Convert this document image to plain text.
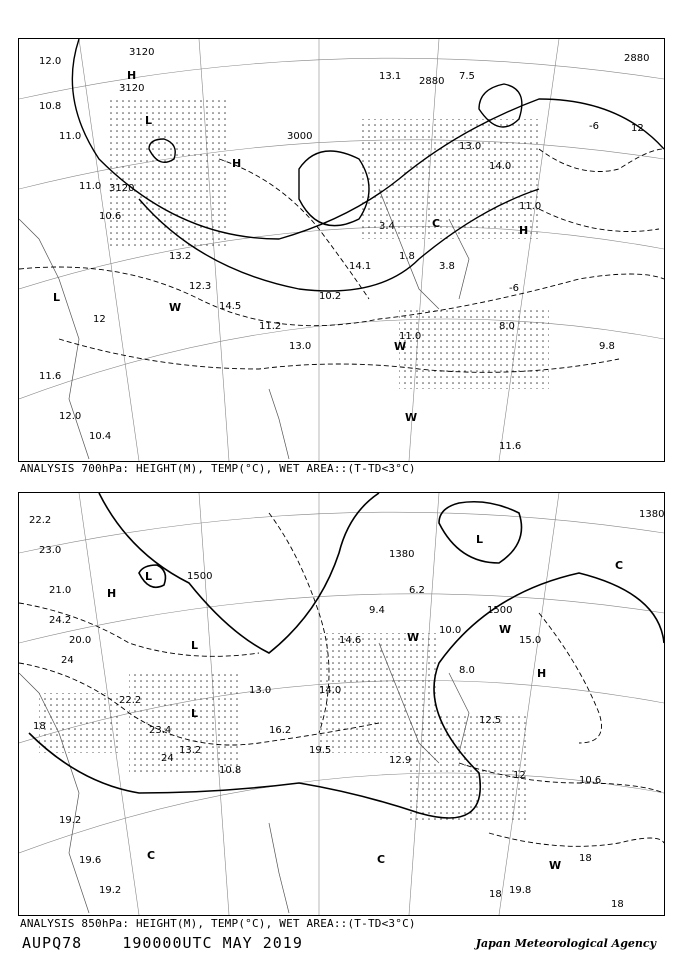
12.0
10.8
11.0
11.0
10.6
13.2
12.3
14.5
11.2
13.0
10.2
14.1
3.4
1.8
3.8
13.0
14.0
11.0
8.0
9.8
11.6
11.6
12.0
10.4
11.0
13.1	7.5
3120
3120
3120
3000
2880
2880
12
12
-6
-6
H
H
H
L
L
C
W
W
W
ANALYSIS 700hPa: HEIGHT(M), TEMP(°C), WET AREA::(T-TD<3°C)
22.2
23.0
21.0
24.2
20.0
22.2
23.4
13.2
10.8
13.0
16.2
19.5
14.0
14.6
9.4
6.2
10.0
8.0
12.5
15.0
10.6
19.2
19.6
19.2	19.8
12.9
1500
1500
1380
1380
24
24
18
18
12
18
18
H
H
L
L
L
L
C	C
C
W
W
W
ANALYSIS 850hPa: HEIGHT(M), TEMP(°C), WET AREA::(T-TD<3°C)
AUPQ78	190000UTC MAY 2019	Japan Meteorological Agency
